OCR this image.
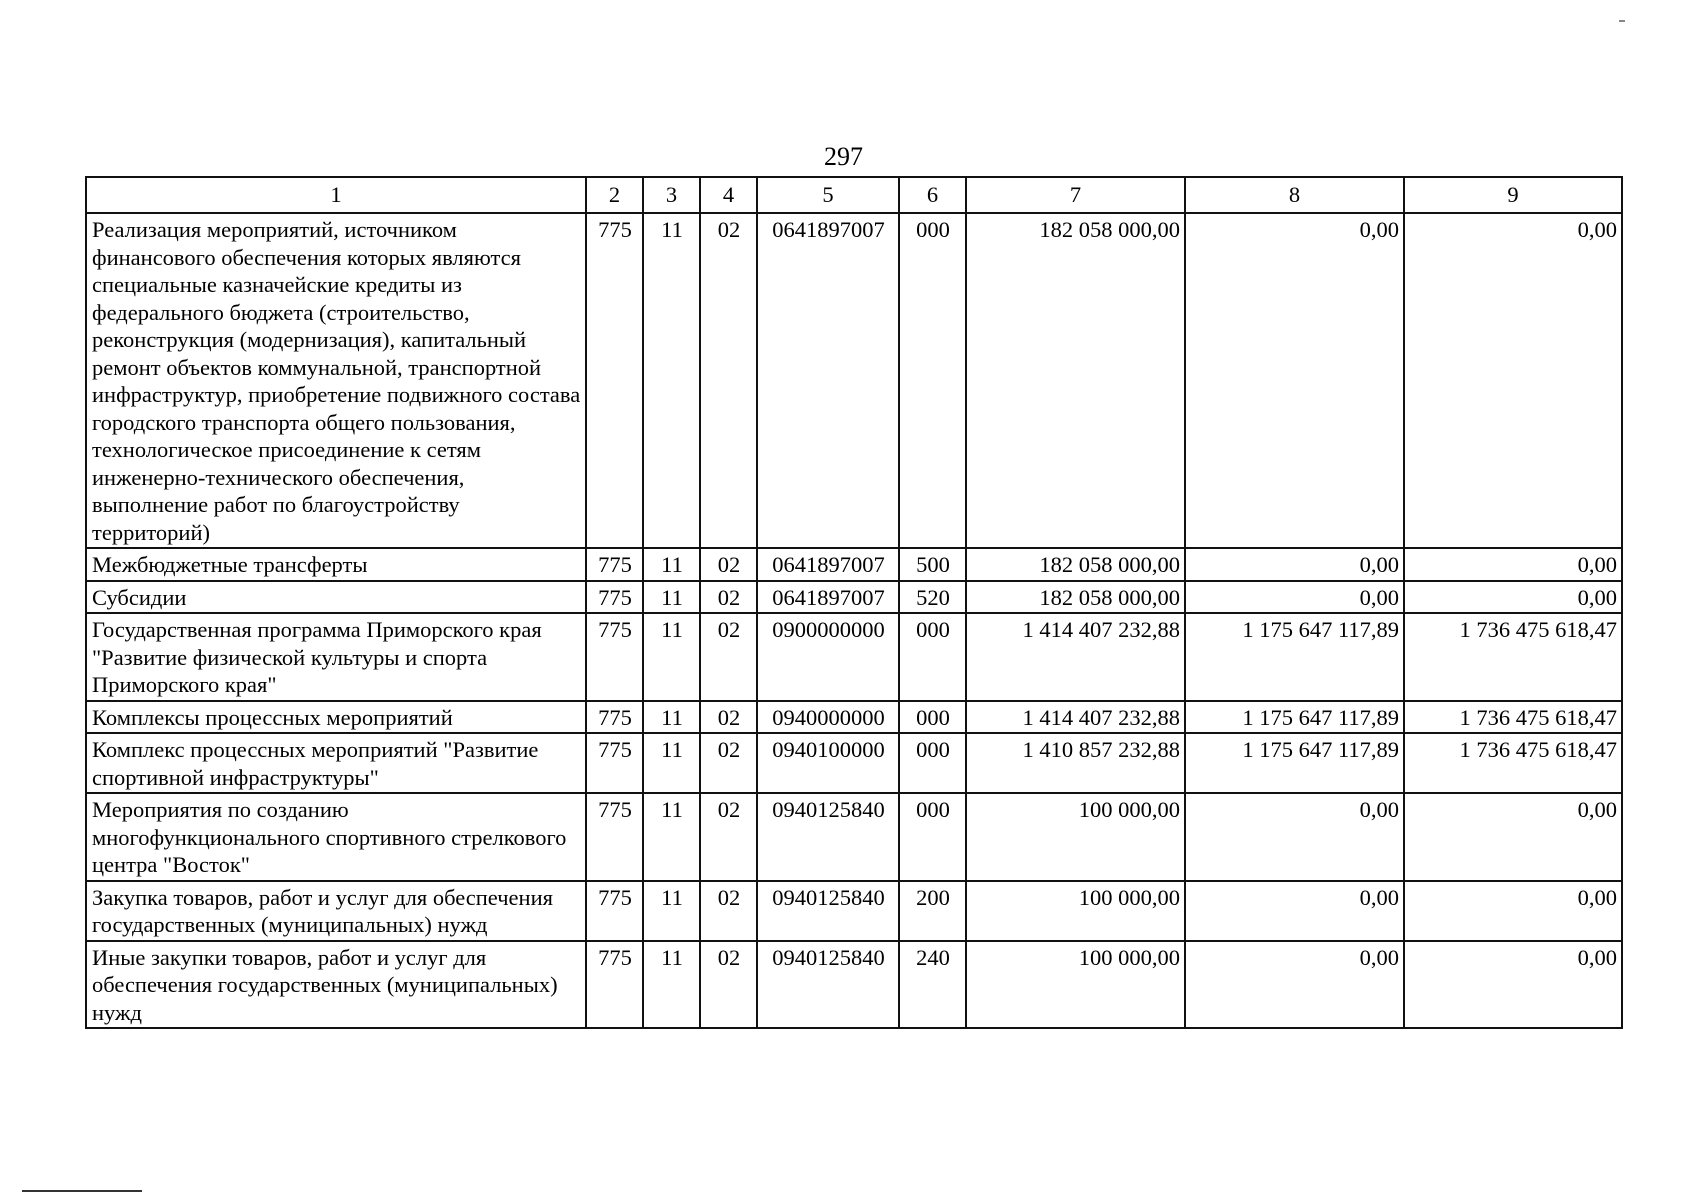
297
1	2	3	4	5	6	7	8	9
Реализация мероприятий, источником финансового обеспечения которых являются специальные казначейские кредиты из федерального бюджета (строительство, реконструкция (модернизация), капитальный ремонт объектов коммунальной, транспортной инфраструктур, приобретение подвижного состава городского транспорта общего пользования, технологическое присоединение к сетям инженерно-технического обеспечения, выполнение работ по благоустройству территорий)	775	11	02	0641897007	000	182 058 000,00	0,00	0,00
Межбюджетные трансферты	775	11	02	0641897007	500	182 058 000,00	0,00	0,00
Субсидии	775	11	02	0641897007	520	182 058 000,00	0,00	0,00
Государственная программа Приморского края "Развитие физической культуры и спорта Приморского края"	775	11	02	0900000000	000	1 414 407 232,88	1 175 647 117,89	1 736 475 618,47
Комплексы процессных мероприятий	775	11	02	0940000000	000	1 414 407 232,88	1 175 647 117,89	1 736 475 618,47
Комплекс процессных мероприятий "Развитие спортивной инфраструктуры"	775	11	02	0940100000	000	1 410 857 232,88	1 175 647 117,89	1 736 475 618,47
Мероприятия по созданию многофункционального спортивного стрелкового центра "Восток"	775	11	02	0940125840	000	100 000,00	0,00	0,00
Закупка товаров, работ и услуг для обеспечения государственных (муниципальных) нужд	775	11	02	0940125840	200	100 000,00	0,00	0,00
Иные закупки товаров, работ и услуг для обеспечения государственных (муниципальных) нужд	775	11	02	0940125840	240	100 000,00	0,00	0,00
